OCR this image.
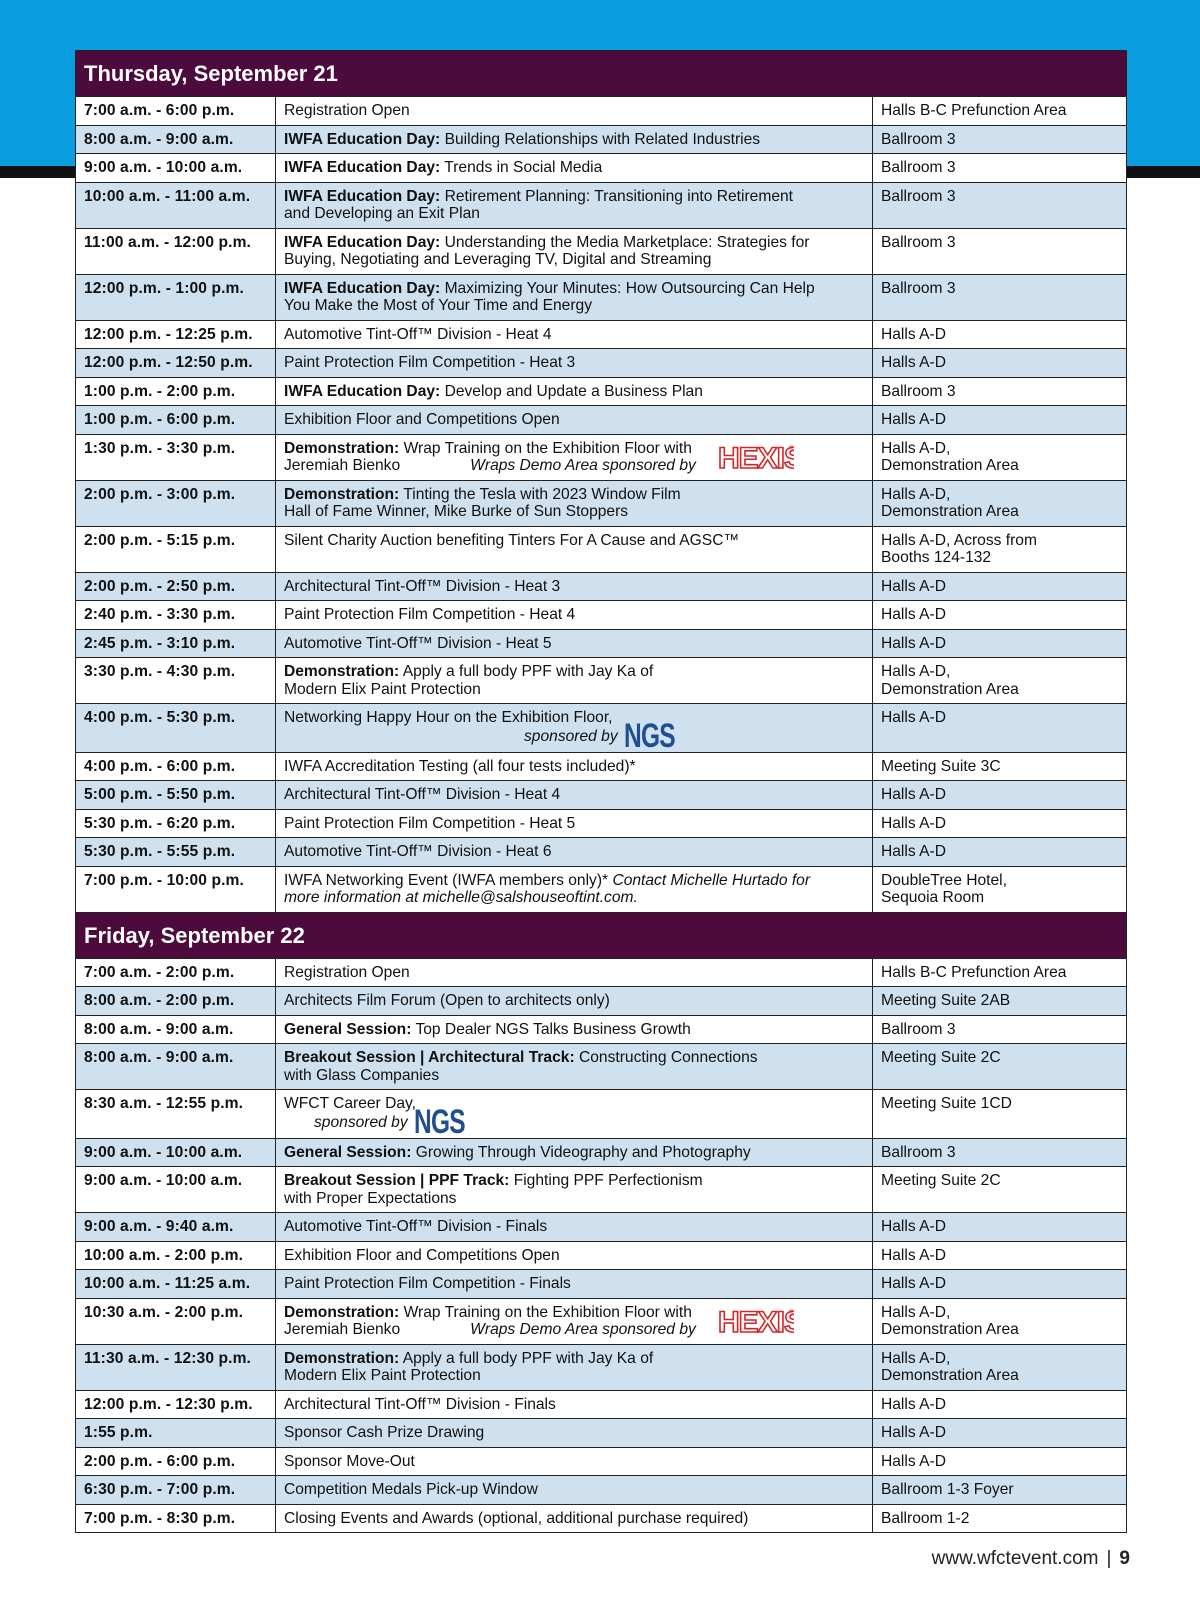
Thursday, September 21		
7:00 a.m. - 6:00 p.m.	Registration Open	Halls B-C Prefunction Area
8:00 a.m. - 9:00 a.m.	IWFA Education Day: Building Relationships with Related Industries	Ballroom 3
9:00 a.m. - 10:00 a.m.	IWFA Education Day: Trends in Social Media	Ballroom 3
10:00 a.m. - 11:00 a.m.	IWFA Education Day: Retirement Planning: Transitioning into Retirement
and Developing an Exit Plan	Ballroom 3
11:00 a.m. - 12:00 p.m.	IWFA Education Day: Understanding the Media Marketplace: Strategies for
Buying, Negotiating and Leveraging TV, Digital and Streaming	Ballroom 3
12:00 p.m. - 1:00 p.m.	IWFA Education Day: Maximizing Your Minutes: How Outsourcing Can Help
You Make the Most of Your Time and Energy	Ballroom 3
12:00 p.m. - 12:25 p.m.	Automotive Tint-Off™ Division - Heat 4	Halls A-D
12:00 p.m. - 12:50 p.m.	Paint Protection Film Competition - Heat 3	Halls A-D
1:00 p.m. - 2:00 p.m.	IWFA Education Day: Develop and Update a Business Plan	Ballroom 3
1:00 p.m. - 6:00 p.m.	Exhibition Floor and Competitions Open	Halls A-D
1:30 p.m. - 3:30 p.m.	Demonstration: Wrap Training on the Exhibition Floor with
Jeremiah Bienko Wraps Demo Area sponsored by HEXI ®	Halls A-D,
Demonstration Area

2:00 p.m. - 3:00 p.m.	Demonstration: Tinting the Tesla with 2023 Window Film
Hall of Fame Winner, Mike Burke of Sun Stoppers	Halls A-D,
Demonstration Area

2:00 p.m. - 5:15 p.m.	Silent Charity Auction benefiting Tinters For A Cause and AGSC™	Halls A-D, Across from
Booths 124-132

2:00 p.m. - 2:50 p.m.	Architectural Tint-Off™ Division - Heat 3	Halls A-D
2:40 p.m. - 3:30 p.m.	Paint Protection Film Competition - Heat 4	Halls A-D
2:45 p.m. - 3:10 p.m.	Automotive Tint-Off™ Division - Heat 5	Halls A-D
3:30 p.m. - 4:30 p.m.	Demonstration: Apply a full body PPF with Jay Ka of
Modern Elix Paint Protection	Halls A-D,
Demonstration Area

4:00 p.m. - 5:30 p.m.	Networking Happy Hour on the Exhibition Floor,
sponsored by NGS	Halls A-D
4:00 p.m. - 6:00 p.m.	IWFA Accreditation Testing (all four tests included)*	Meeting Suite 3C
5:00 p.m. - 5:50 p.m.	Architectural Tint-Off™ Division - Heat 4	Halls A-D
5:30 p.m. - 6:20 p.m.	Paint Protection Film Competition - Heat 5	Halls A-D
5:30 p.m. - 5:55 p.m.	Automotive Tint-Off™ Division - Heat 6	Halls A-D
7:00 p.m. - 10:00 p.m.	IWFA Networking Event (IWFA members only)* Contact Michelle Hurtado for
more information at michelle@salshouseoftint.com.	DoubleTree Hotel,
Sequoia Room

Friday, September 22		
7:00 a.m. - 2:00 p.m.	Registration Open	Halls B-C Prefunction Area
8:00 a.m. - 2:00 p.m.	Architects Film Forum (Open to architects only)	Meeting Suite 2AB
8:00 a.m. - 9:00 a.m.	General Session: Top Dealer NGS Talks Business Growth	Ballroom 3
8:00 a.m. - 9:00 a.m.	Breakout Session | Architectural Track: Constructing Connections
with Glass Companies	Meeting Suite 2C
8:30 a.m. - 12:55 p.m.	WFCT Career Day,
sponsored by NGS	Meeting Suite 1CD
9:00 a.m. - 10:00 a.m.	General Session: Growing Through Videography and Photography	Ballroom 3
9:00 a.m. - 10:00 a.m.	Breakout Session | PPF Track: Fighting PPF Perfectionism
with Proper Expectations	Meeting Suite 2C
9:00 a.m. - 9:40 a.m.	Automotive Tint-Off™ Division - Finals	Halls A-D
10:00 a.m. - 2:00 p.m.	Exhibition Floor and Competitions Open	Halls A-D
10:00 a.m. - 11:25 a.m.	Paint Protection Film Competition - Finals	Halls A-D
10:30 a.m. - 2:00 p.m.	Demonstration: Wrap Training on the Exhibition Floor with
Jeremiah Bienko Wraps Demo Area sponsored by HEXI ®	Halls A-D,
Demonstration Area

11:30 a.m. - 12:30 p.m.	Demonstration: Apply a full body PPF with Jay Ka of
Modern Elix Paint Protection	Halls A-D,
Demonstration Area

12:00 p.m. - 12:30 p.m.	Architectural Tint-Off™ Division - Finals	Halls A-D
1:55 p.m.	Sponsor Cash Prize Drawing	Halls A-D
2:00 p.m. - 6:00 p.m.	Sponsor Move-Out	Halls A-D
6:30 p.m. - 7:00 p.m.	Competition Medals Pick-up Window	Ballroom 1-3 Foyer
7:00 p.m. - 8:30 p.m.	Closing Events and Awards (optional, additional purchase required)	Ballroom 1-2
www.wfctevent.com | 9
